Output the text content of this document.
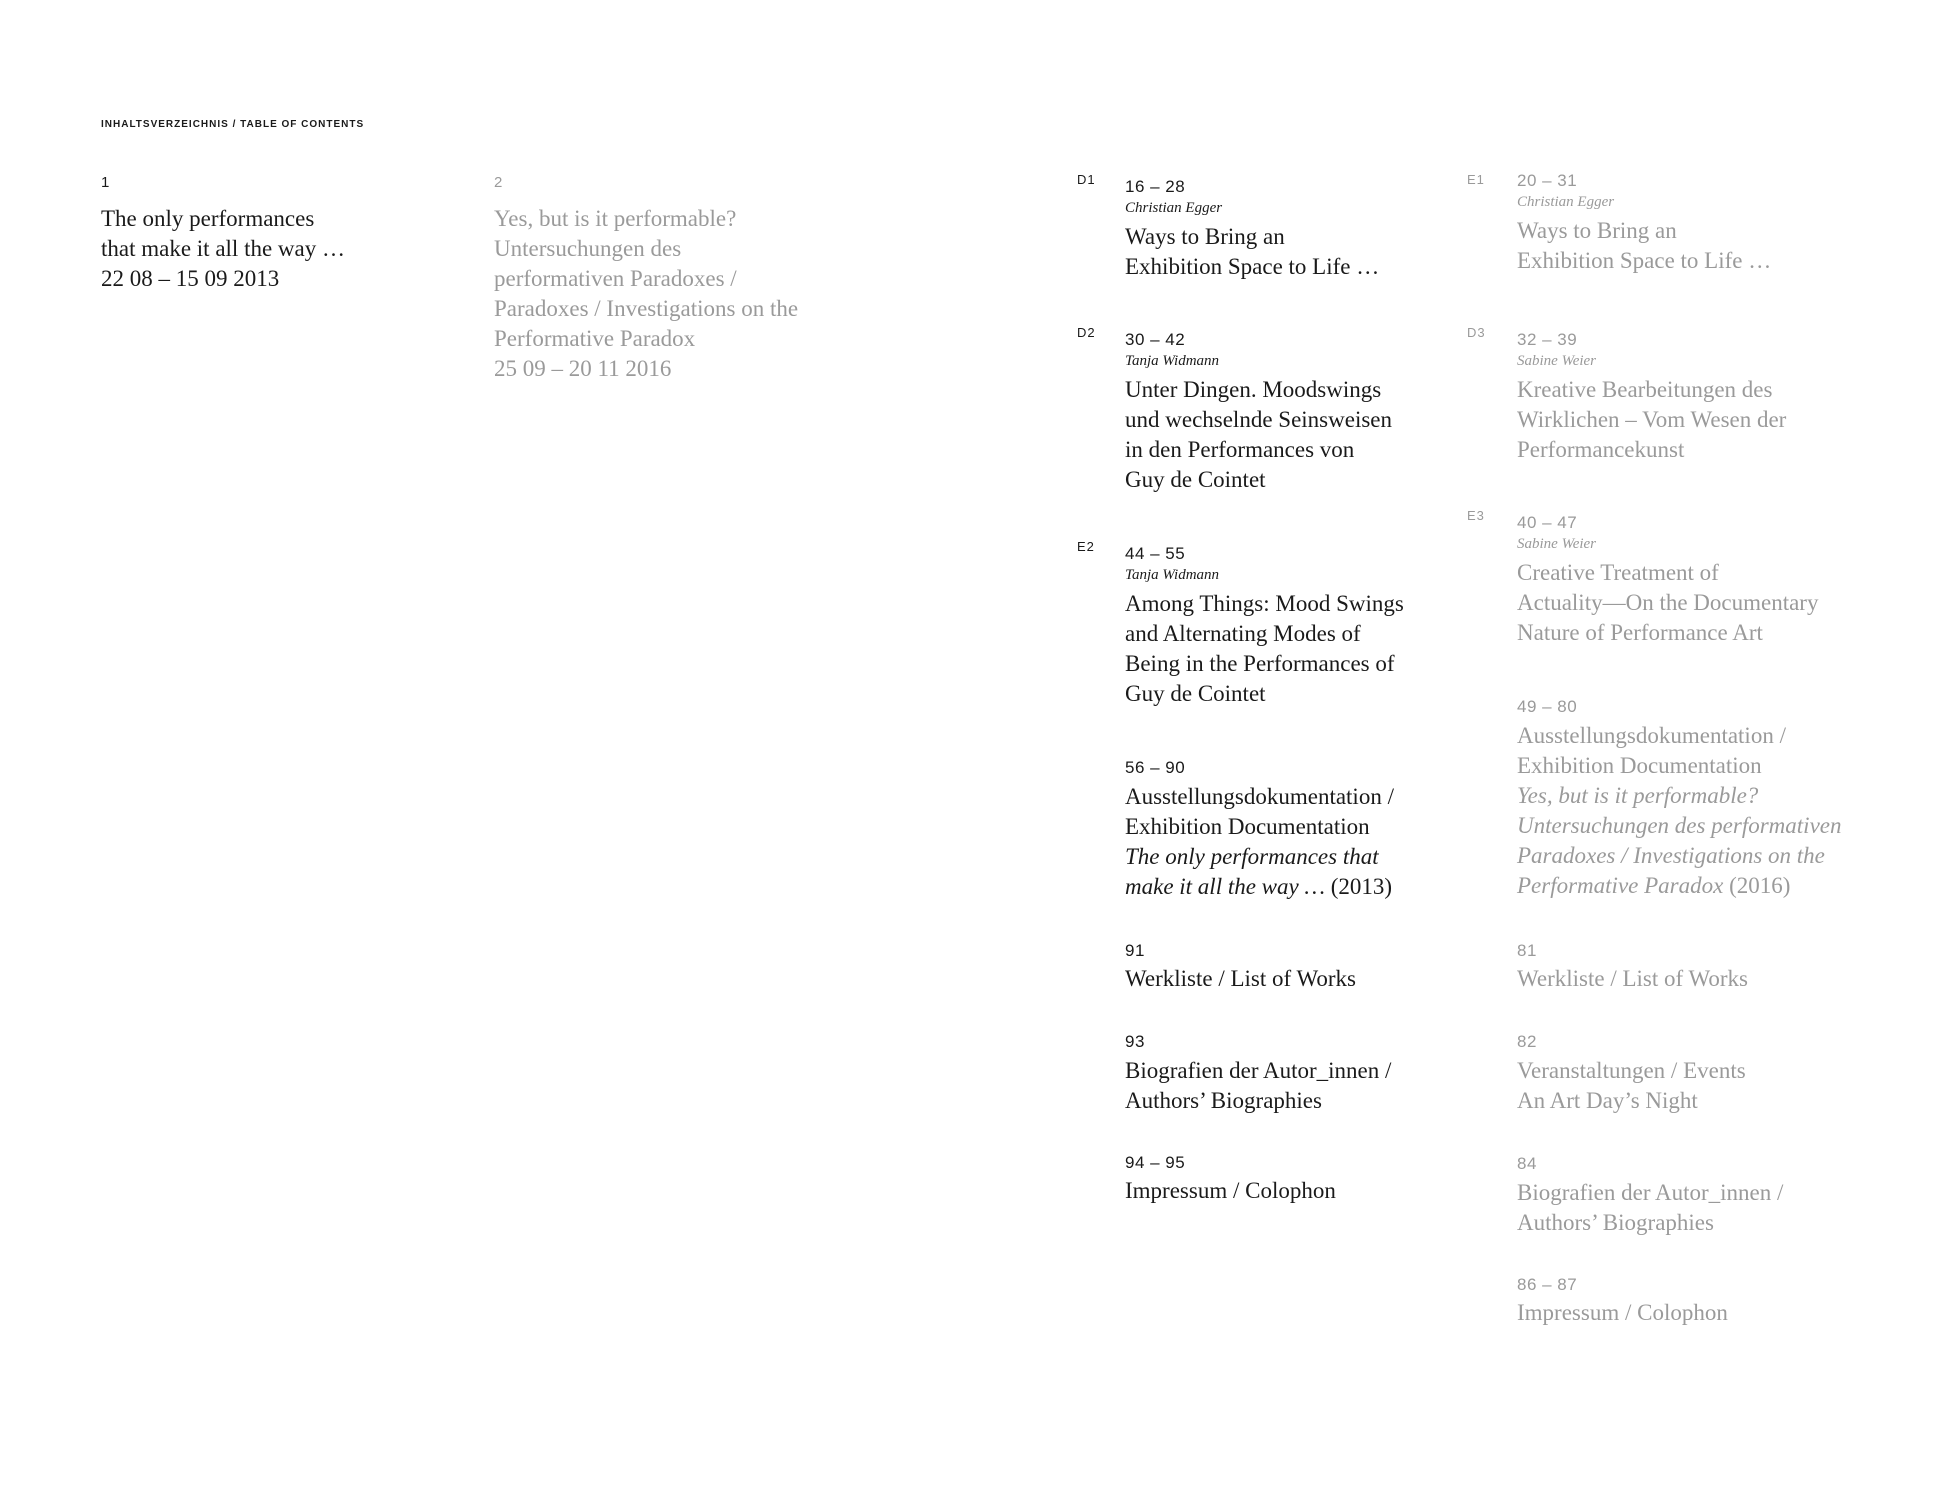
INHALTSVERZEICHNIS / TABLE OF CONTENTS
1
The only performances
that make it all the way …
22 08 – 15 09 2013
2
Yes, but is it performable?
Untersuchungen des
performativen Paradoxes /
Paradoxes / Investigations on the
Performative Paradox
25 09 – 20 11 2016
D1 16 – 28
Christian Egger
Ways to Bring an
Exhibition Space to Life …
D2 30 – 42
Tanja Widmann
Unter Dingen. Moodswings
und wechselnde Seinsweisen
in den Performances von
Guy de Cointet
E2 44 – 55
Tanja Widmann
Among Things: Mood Swings
and Alternating Modes of
Being in the Performances of
Guy de Cointet
56 – 90
Ausstellungsdokumentation /
Exhibition Documentation
The only performances that
make it all the way … (2013)
91
Werkliste / List of Works
93
Biografien der Autor_innen /
Authors’ Biographies
94 – 95
Impressum / Colophon
E1 20 – 31
Christian Egger
Ways to Bring an
Exhibition Space to Life …
D3 32 – 39
Sabine Weier
Kreative Bearbeitungen des
Wirklichen – Vom Wesen der
Performancekunst
E3 40 – 47
Sabine Weier
Creative Treatment of
Actuality—On the Documentary
Nature of Performance Art
49 – 80
Ausstellungsdokumentation /
Exhibition Documentation
Yes, but is it performable?
Untersuchungen des performativen
Paradoxes / Investigations on the
Performative Paradox (2016)
81
Werkliste / List of Works
82
Veranstaltungen / Events
An Art Day’s Night
84
Biografien der Autor_innen /
Authors’ Biographies
86 – 87
Impressum / Colophon
